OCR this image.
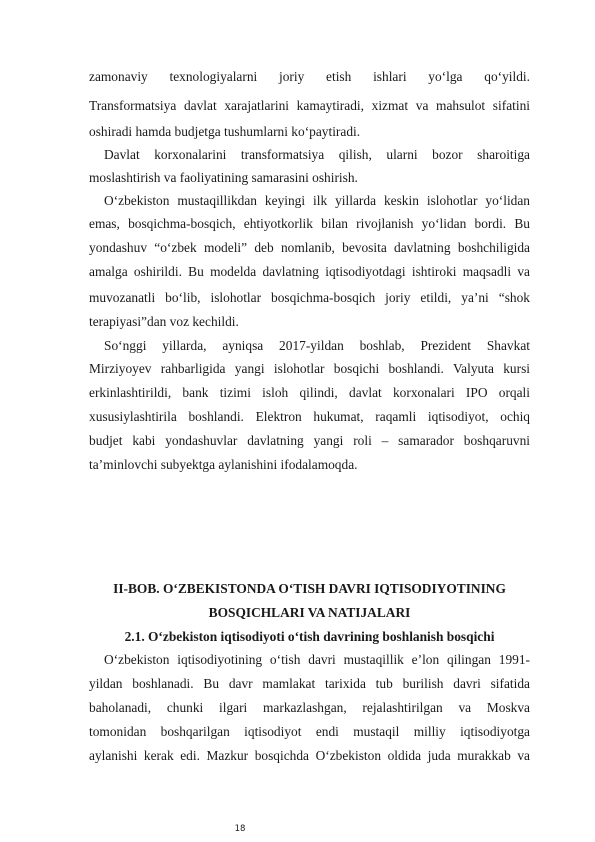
zamonaviy texnologiyalarni joriy etish ishlari yo‘lga qo‘yildi.
Transformatsiya davlat xarajatlarini kamaytiradi, xizmat va mahsulot sifatini
oshiradi hamda budjetga tushumlarni ko‘paytiradi.
Davlat korxonalarini transformatsiya qilish, ularni bozor sharoitiga
moslashtirish va faoliyatining samarasini oshirish.
O‘zbekiston mustaqillikdan keyingi ilk yillarda keskin islohotlar yo‘lidan
emas, bosqichma-bosqich, ehtiyotkorlik bilan rivojlanish yo‘lidan bordi. Bu
yondashuv “o‘zbek modeli” deb nomlanib, bevosita davlatning boshchiligida
amalga oshirildi. Bu modelda davlatning iqtisodiyotdagi ishtiroki maqsadli va
muvozanatli bo‘lib, islohotlar bosqichma-bosqich joriy etildi, ya’ni “shok
terapiyasi”dan voz kechildi.
So‘nggi yillarda, ayniqsa 2017-yildan boshlab, Prezident Shavkat
Mirziyoyev rahbarligida yangi islohotlar bosqichi boshlandi. Valyuta kursi
erkinlashtirildi, bank tizimi isloh qilindi, davlat korxonalari IPO orqali
xususiylashtirila boshlandi. Elektron hukumat, raqamli iqtisodiyot, ochiq
budjet kabi yondashuvlar davlatning yangi roli – samarador boshqaruvni
ta’minlovchi subyektga aylanishini ifodalamoqda.
II-BOB. O‘ZBEKISTONDA O‘TISH DAVRI IQTISODIYOTINING
BOSQICHLARI VA NATIJALARI
2.1. O‘zbekiston iqtisodiyoti o‘tish davrining boshlanish bosqichi
O‘zbekiston iqtisodiyotining o‘tish davri mustaqillik e’lon qilingan 1991-
yildan boshlanadi. Bu davr mamlakat tarixida tub burilish davri sifatida
baholanadi, chunki ilgari markazlashgan, rejalashtirilgan va Moskva
tomonidan boshqarilgan iqtisodiyot endi mustaqil milliy iqtisodiyotga
aylanishi kerak edi. Mazkur bosqichda O‘zbekiston oldida juda murakkab va
18
